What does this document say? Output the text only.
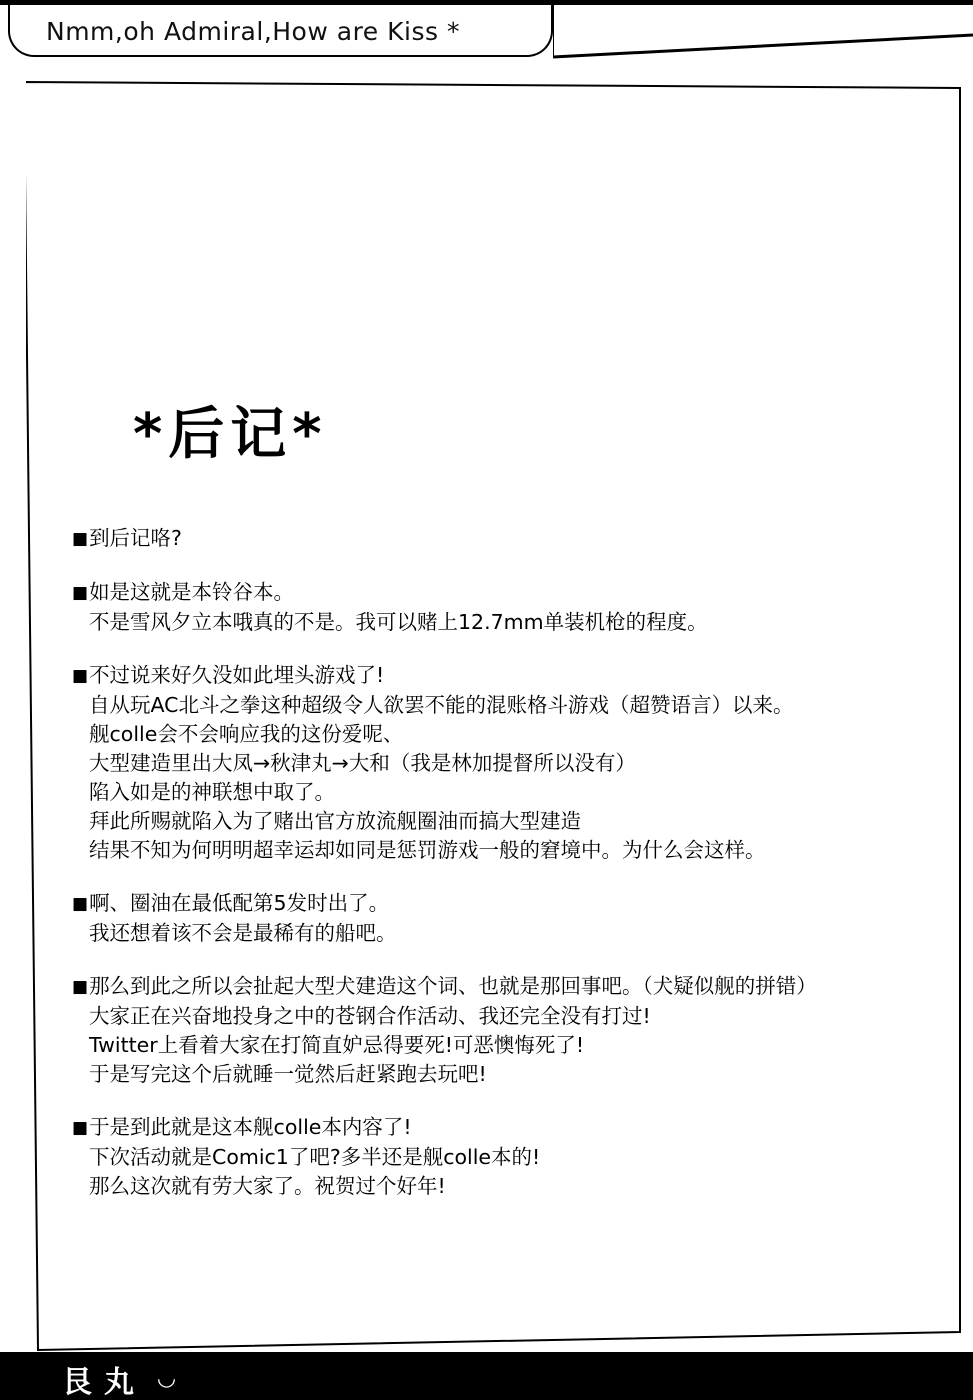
Nmm,oh Admiral,How are Kiss *
*后记*
■到后记咯?
■如是这就是本铃谷本。
不是雪风夕立本哦真的不是。我可以赌上12.7mm单装机枪的程度。
■不过说来好久没如此埋头游戏了!
自从玩AC北斗之拳这种超级令人欲罢不能的混账格斗游戏（超赞语言）以来。
舰colle会不会响应我的这份爱呢、
大型建造里出大凤→秋津丸→大和（我是林加提督所以没有）
陷入如是的神联想中取了。
拜此所赐就陷入为了赌出官方放流舰圈油而搞大型建造
结果不知为何明明超幸运却如同是惩罚游戏一般的窘境中。为什么会这样。
■啊、圈油在最低配第5发时出了。
我还想着该不会是最稀有的船吧。
■那么到此之所以会扯起大型犬建造这个词、也就是那回事吧。（犬疑似舰的拼错）
大家正在兴奋地投身之中的苍钢合作活动、我还完全没有打过!
Twitter上看着大家在打简直妒忌得要死!可恶懊悔死了!
于是写完这个后就睡一觉然后赶紧跑去玩吧!
■于是到此就是这本舰colle本内容了!
下次活动就是Comic1了吧?多半还是舰colle本的!
那么这次就有劳大家了。祝贺过个好年!
艮 丸 ◟◞
